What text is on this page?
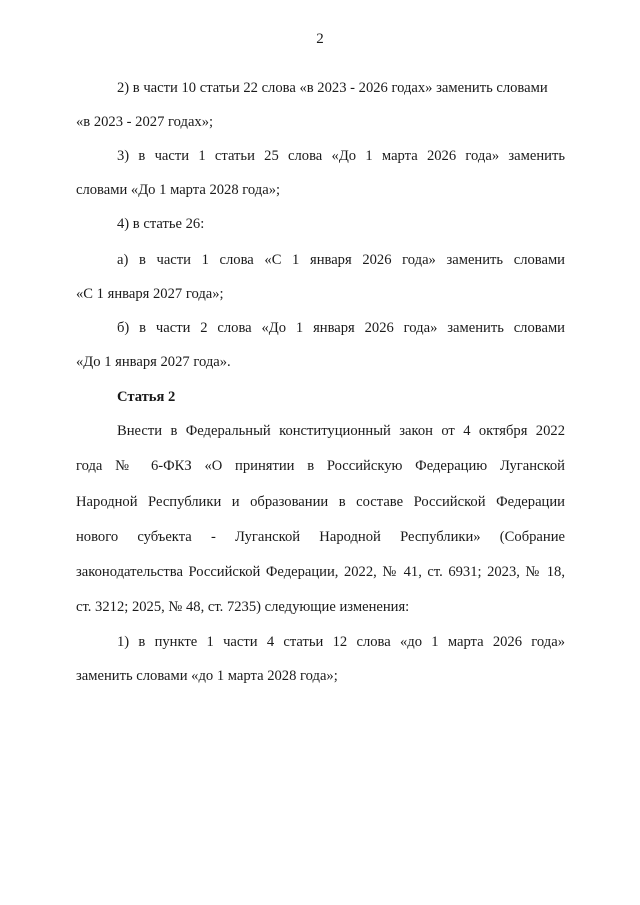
2
2) в части 10 статьи 22 слова «в 2023 - 2026 годах» заменить словами
«в 2023 - 2027 годах»;
3) в части 1 статьи 25 слова «До 1 марта 2026 года» заменить
словами «До 1 марта 2028 года»;
4) в статье 26:
а) в части 1 слова «С 1 января 2026 года» заменить словами
«С 1 января 2027 года»;
б) в части 2 слова «До 1 января 2026 года» заменить словами
«До 1 января 2027 года».
Статья 2
Внести в Федеральный конституционный закон от 4 октября 2022
года № 6-ФКЗ «О принятии в Российскую Федерацию Луганской
Народной Республики и образовании в составе Российской Федерации
нового субъекта - Луганской Народной Республики» (Собрание
законодательства Российской Федерации, 2022, № 41, ст. 6931; 2023, № 18,
ст. 3212; 2025, № 48, ст. 7235) следующие изменения:
1) в пункте 1 части 4 статьи 12 слова «до 1 марта 2026 года»
заменить словами «до 1 марта 2028 года»;
